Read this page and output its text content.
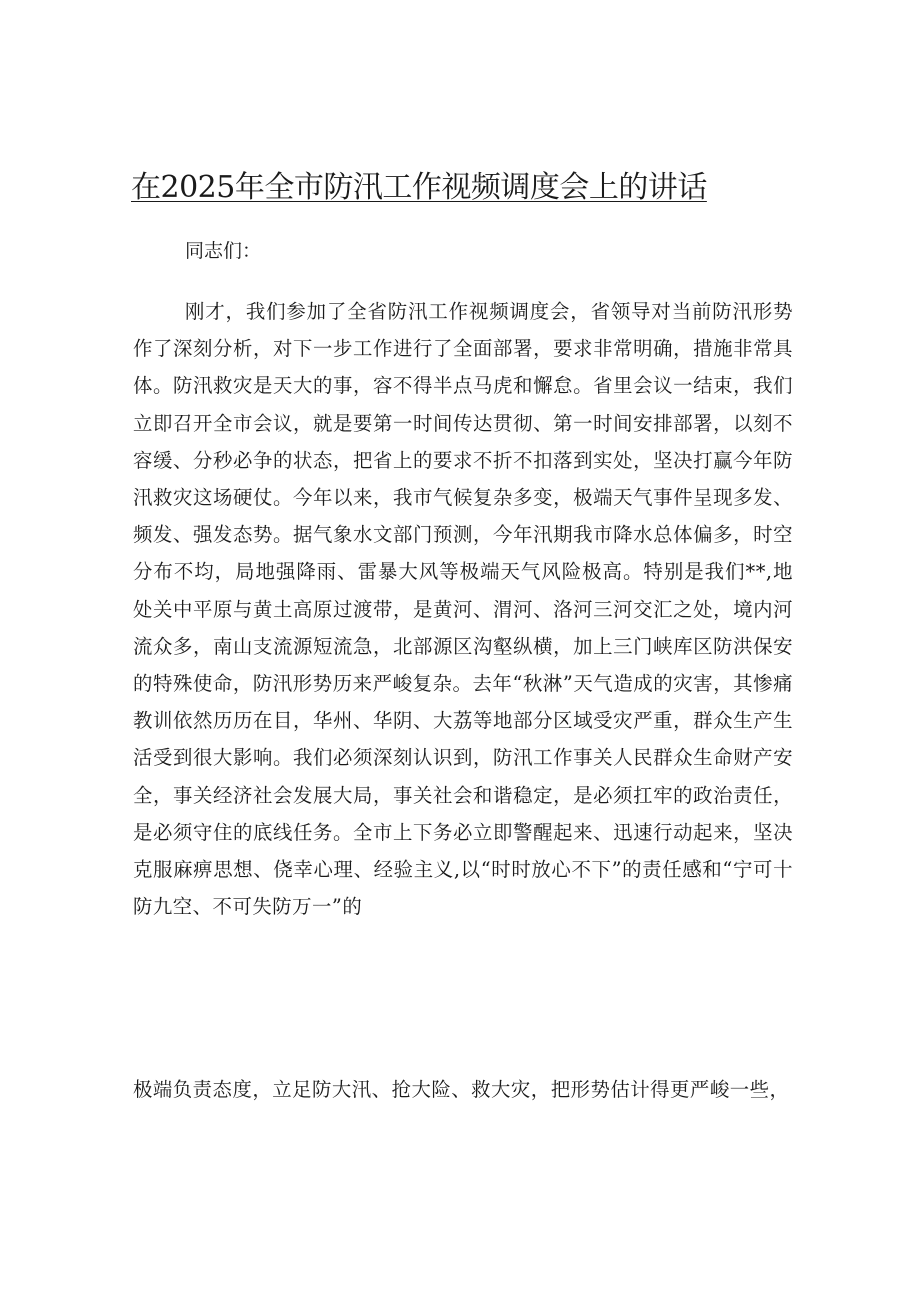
在2025年全市防汛工作视频调度会上的讲话

同志们：

刚才，我们参加了全省防汛工作视频调度会，省领导对当前防汛形势作了深刻分析，对下一步工作进行了全面部署，要求非常明确，措施非常具体。防汛救灾是天大的事，容不得半点马虎和懈怠。省里会议一结束，我们立即召开全市会议，就是要第一时间传达贯彻、第一时间安排部署，以刻不容缓、分秒必争的状态，把省上的要求不折不扣落到实处，坚决打赢今年防汛救灾这场硬仗。今年以来，我市气候复杂多变，极端天气事件呈现多发、频发、强发态势。据气象水文部门预测，今年汛期我市降水总体偏多，时空分布不均，局地强降雨、雷暴大风等极端天气风险极高。特别是我们**,地处关中平原与黄土高原过渡带，是黄河、渭河、洛河三河交汇之处，境内河流众多，南山支流源短流急，北部源区沟壑纵横，加上三门峡库区防洪保安的特殊使命，防汛形势历来严峻复杂。去年“秋淋”天气造成的灾害，其惨痛教训依然历历在目，华州、华阴、大荔等地部分区域受灾严重，群众生产生活受到很大影响。我们必须深刻认识到，防汛工作事关人民群众生命财产安全，事关经济社会发展大局，事关社会和谐稳定，是必须扛牢的政治责任，是必须守住的底线任务。全市上下务必立即警醒起来、迅速行动起来，坚决克服麻痹思想、侥幸心理、经验主义,以“时时放心不下”的责任感和“宁可十防九空、不可失防万一”的

极端负责态度，立足防大汛、抢大险、救大灾，把形势估计得更严峻一些，
